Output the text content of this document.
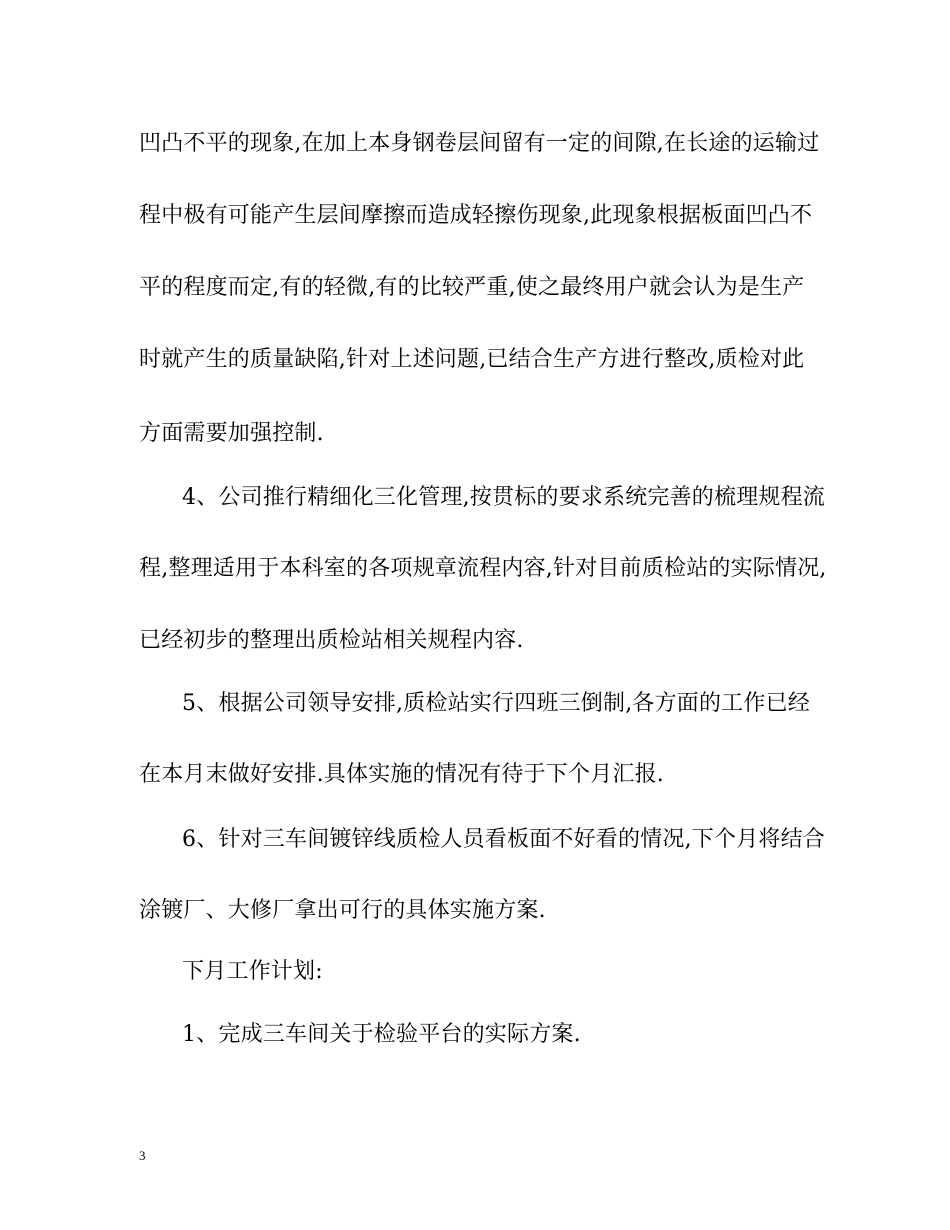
凹凸不平的现象,在加上本身钢卷层间留有一定的间隙,在长途的运输过
程中极有可能产生层间摩擦而造成轻擦伤现象,此现象根据板面凹凸不
平的程度而定,有的轻微,有的比较严重,使之最终用户就会认为是生产
时就产生的质量缺陷,针对上述问题,已结合生产方进行整改,质检对此
方面需要加强控制.
4、公司推行精细化三化管理,按贯标的要求系统完善的梳理规程流
程,整理适用于本科室的各项规章流程内容,针对目前质检站的实际情况,
已经初步的整理出质检站相关规程内容.
5、根据公司领导安排,质检站实行四班三倒制,各方面的工作已经
在本月末做好安排.具体实施的情况有待于下个月汇报.
6、针对三车间镀锌线质检人员看板面不好看的情况,下个月将结合
涂镀厂、大修厂拿出可行的具体实施方案.
下月工作计划:
1、完成三车间关于检验平台的实际方案.
3
